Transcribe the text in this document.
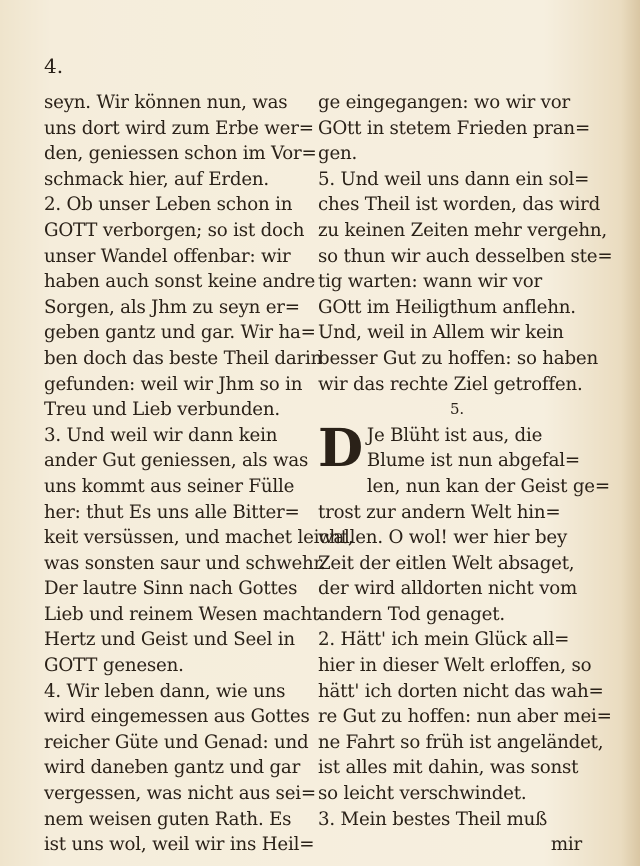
4.
seyn. Wir können nun, was
uns dort wird zum Erbe wer=
den, geniessen schon im Vor=
schmack hier, auf Erden.
2. Ob unser Leben schon in
GOTT verborgen; so ist doch
unser Wandel offenbar: wir
haben auch sonst keine andre
Sorgen, als Jhm zu seyn er=
geben gantz und gar. Wir ha=
ben doch das beste Theil darin
gefunden: weil wir Jhm so in
Treu und Lieb verbunden.
3. Und weil wir dann kein
ander Gut geniessen, als was
uns kommt aus seiner Fülle
her: thut Es uns alle Bitter=
keit versüssen, und machet leicht,
was sonsten saur und schwehr.
Der lautre Sinn nach Gottes
Lieb und reinem Wesen macht
Hertz und Geist und Seel in
GOTT genesen.
4. Wir leben dann, wie uns
wird eingemessen aus Gottes
reicher Güte und Genad: und
wird daneben gantz und gar
vergessen, was nicht aus sei=
nem weisen guten Rath. Es
ist uns wol, weil wir ins Heil=
ge eingegangen: wo wir vor
GOtt in stetem Frieden pran=
gen.
5. Und weil uns dann ein sol=
ches Theil ist worden, das wird
zu keinen Zeiten mehr vergehn,
so thun wir auch desselben ste=
tig warten: wann wir vor
GOtt im Heiligthum anflehn.
Und, weil in Allem wir kein
besser Gut zu hoffen: so haben
wir das rechte Ziel getroffen.
5.
D Je Blüht ist aus, die
Blume ist nun abgefal=
len, nun kan der Geist ge=
trost zur andern Welt hin=
wallen. O wol! wer hier bey
Zeit der eitlen Welt absaget,
der wird alldorten nicht vom
andern Tod genaget.
2. Hätt' ich mein Glück all=
hier in dieser Welt erloffen, so
hätt' ich dorten nicht das wah=
re Gut zu hoffen: nun aber mei=
ne Fahrt so früh ist angeländet,
ist alles mit dahin, was sonst
so leicht verschwindet.
3. Mein bestes Theil muß
mir
